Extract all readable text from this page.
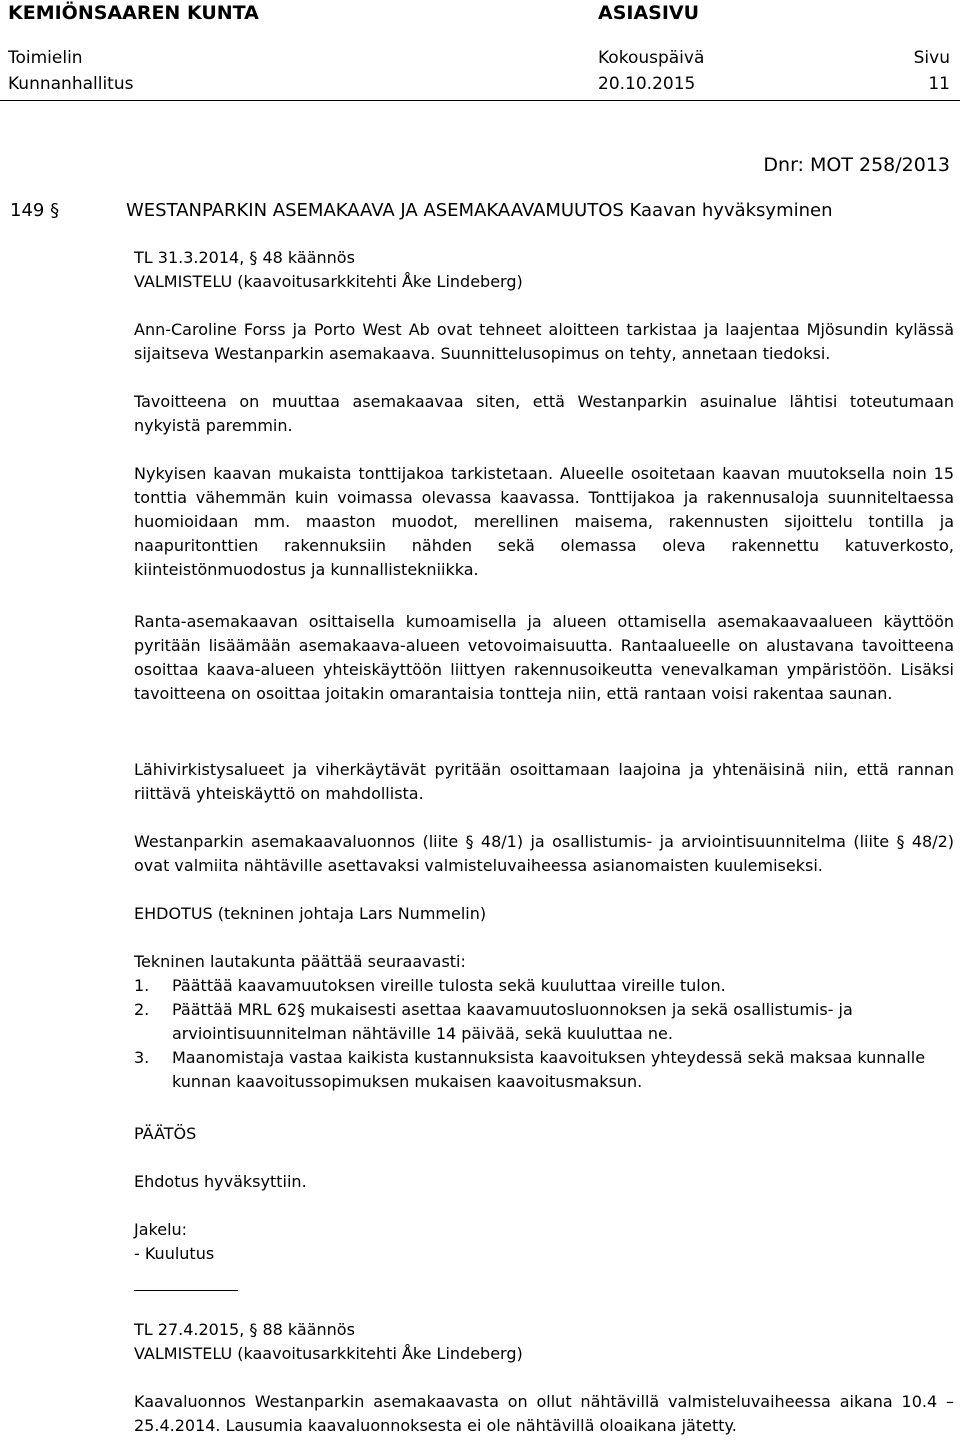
KEMIÖNSAAREN KUNTA	ASIASIVU
Toimielin	Kokouspäivä	Sivu
Kunnanhallitus	20.10.2015	11
Dnr: MOT 258/2013
149 §	WESTANPARKIN ASEMAKAAVA JA ASEMAKAAVAMUUTOS Kaavan hyväksyminen

TL 31.3.2014, § 48 käännös

VALMISTELU (kaavoitusarkkitehti Åke Lindeberg)

Ann-Caroline Forss ja Porto West Ab ovat tehneet aloitteen tarkistaa ja laajentaa Mjösundin kylässä sijaitseva Westanparkin asemakaava. Suunnittelusopimus on tehty, annetaan tiedoksi.

Tavoitteena on muuttaa asemakaavaa siten, että Westanparkin asuinalue lähtisi toteutumaan nykyistä paremmin.

Nykyisen kaavan mukaista tonttijakoa tarkistetaan. Alueelle osoitetaan kaavan muutoksella noin 15 tonttia vähemmän kuin voimassa olevassa kaavassa. Tonttijakoa ja rakennusaloja suunniteltaessa huomioidaan mm. maaston muodot, merellinen maisema, rakennusten sijoittelu tontilla ja naapuritonttien rakennuksiin nähden sekä olemassa oleva rakennettu katuverkosto, kiinteistönmuodostus ja kunnallistekniikka.

Ranta-asemakaavan osittaisella kumoamisella ja alueen ottamisella asemakaavaalueen käyttöön pyritään lisäämään asemakaava-alueen vetovoimaisuutta. Rantaalueelle on alustavana tavoitteena osoittaa kaava-alueen yhteiskäyttöön liittyen rakennusoikeutta venevalkaman ympäristöön. Lisäksi tavoitteena on osoittaa joitakin omarantaisia tontteja niin, että rantaan voisi rakentaa saunan.

Lähivirkistysalueet ja viherkäytävät pyritään osoittamaan laajoina ja yhtenäisinä niin, että rannan riittävä yhteiskäyttö on mahdollista.

Westanparkin asemakaavaluonnos (liite § 48/1) ja osallistumis- ja arviointisuunnitelma (liite § 48/2) ovat valmiita nähtäville asettavaksi valmisteluvaiheessa asianomaisten kuulemiseksi.

EHDOTUS (tekninen johtaja Lars Nummelin)

Tekninen lautakunta päättää seuraavasti:

1. Päättää kaavamuutoksen vireille tulosta sekä kuuluttaa vireille tulon.
2. Päättää MRL 62§ mukaisesti asettaa kaavamuutosluonnoksen ja sekä osallistumis- ja arviointisuunnitelman nähtäville 14 päivää, sekä kuuluttaa ne.
3. Maanomistaja vastaa kaikista kustannuksista kaavoituksen yhteydessä sekä maksaa kunnalle kunnan kaavoitussopimuksen mukaisen kaavoitusmaksun.

PÄÄTÖS

Ehdotus hyväksyttiin.

Jakelu:

- Kuulutus

TL 27.4.2015, § 88 käännös

VALMISTELU (kaavoitusarkkitehti Åke Lindeberg)

Kaavaluonnos Westanparkin asemakaavasta on ollut nähtävillä valmisteluvaiheessa aikana 10.4 – 25.4.2014. Lausumia kaavaluonnoksesta ei ole nähtävillä oloaikana jätetty.
